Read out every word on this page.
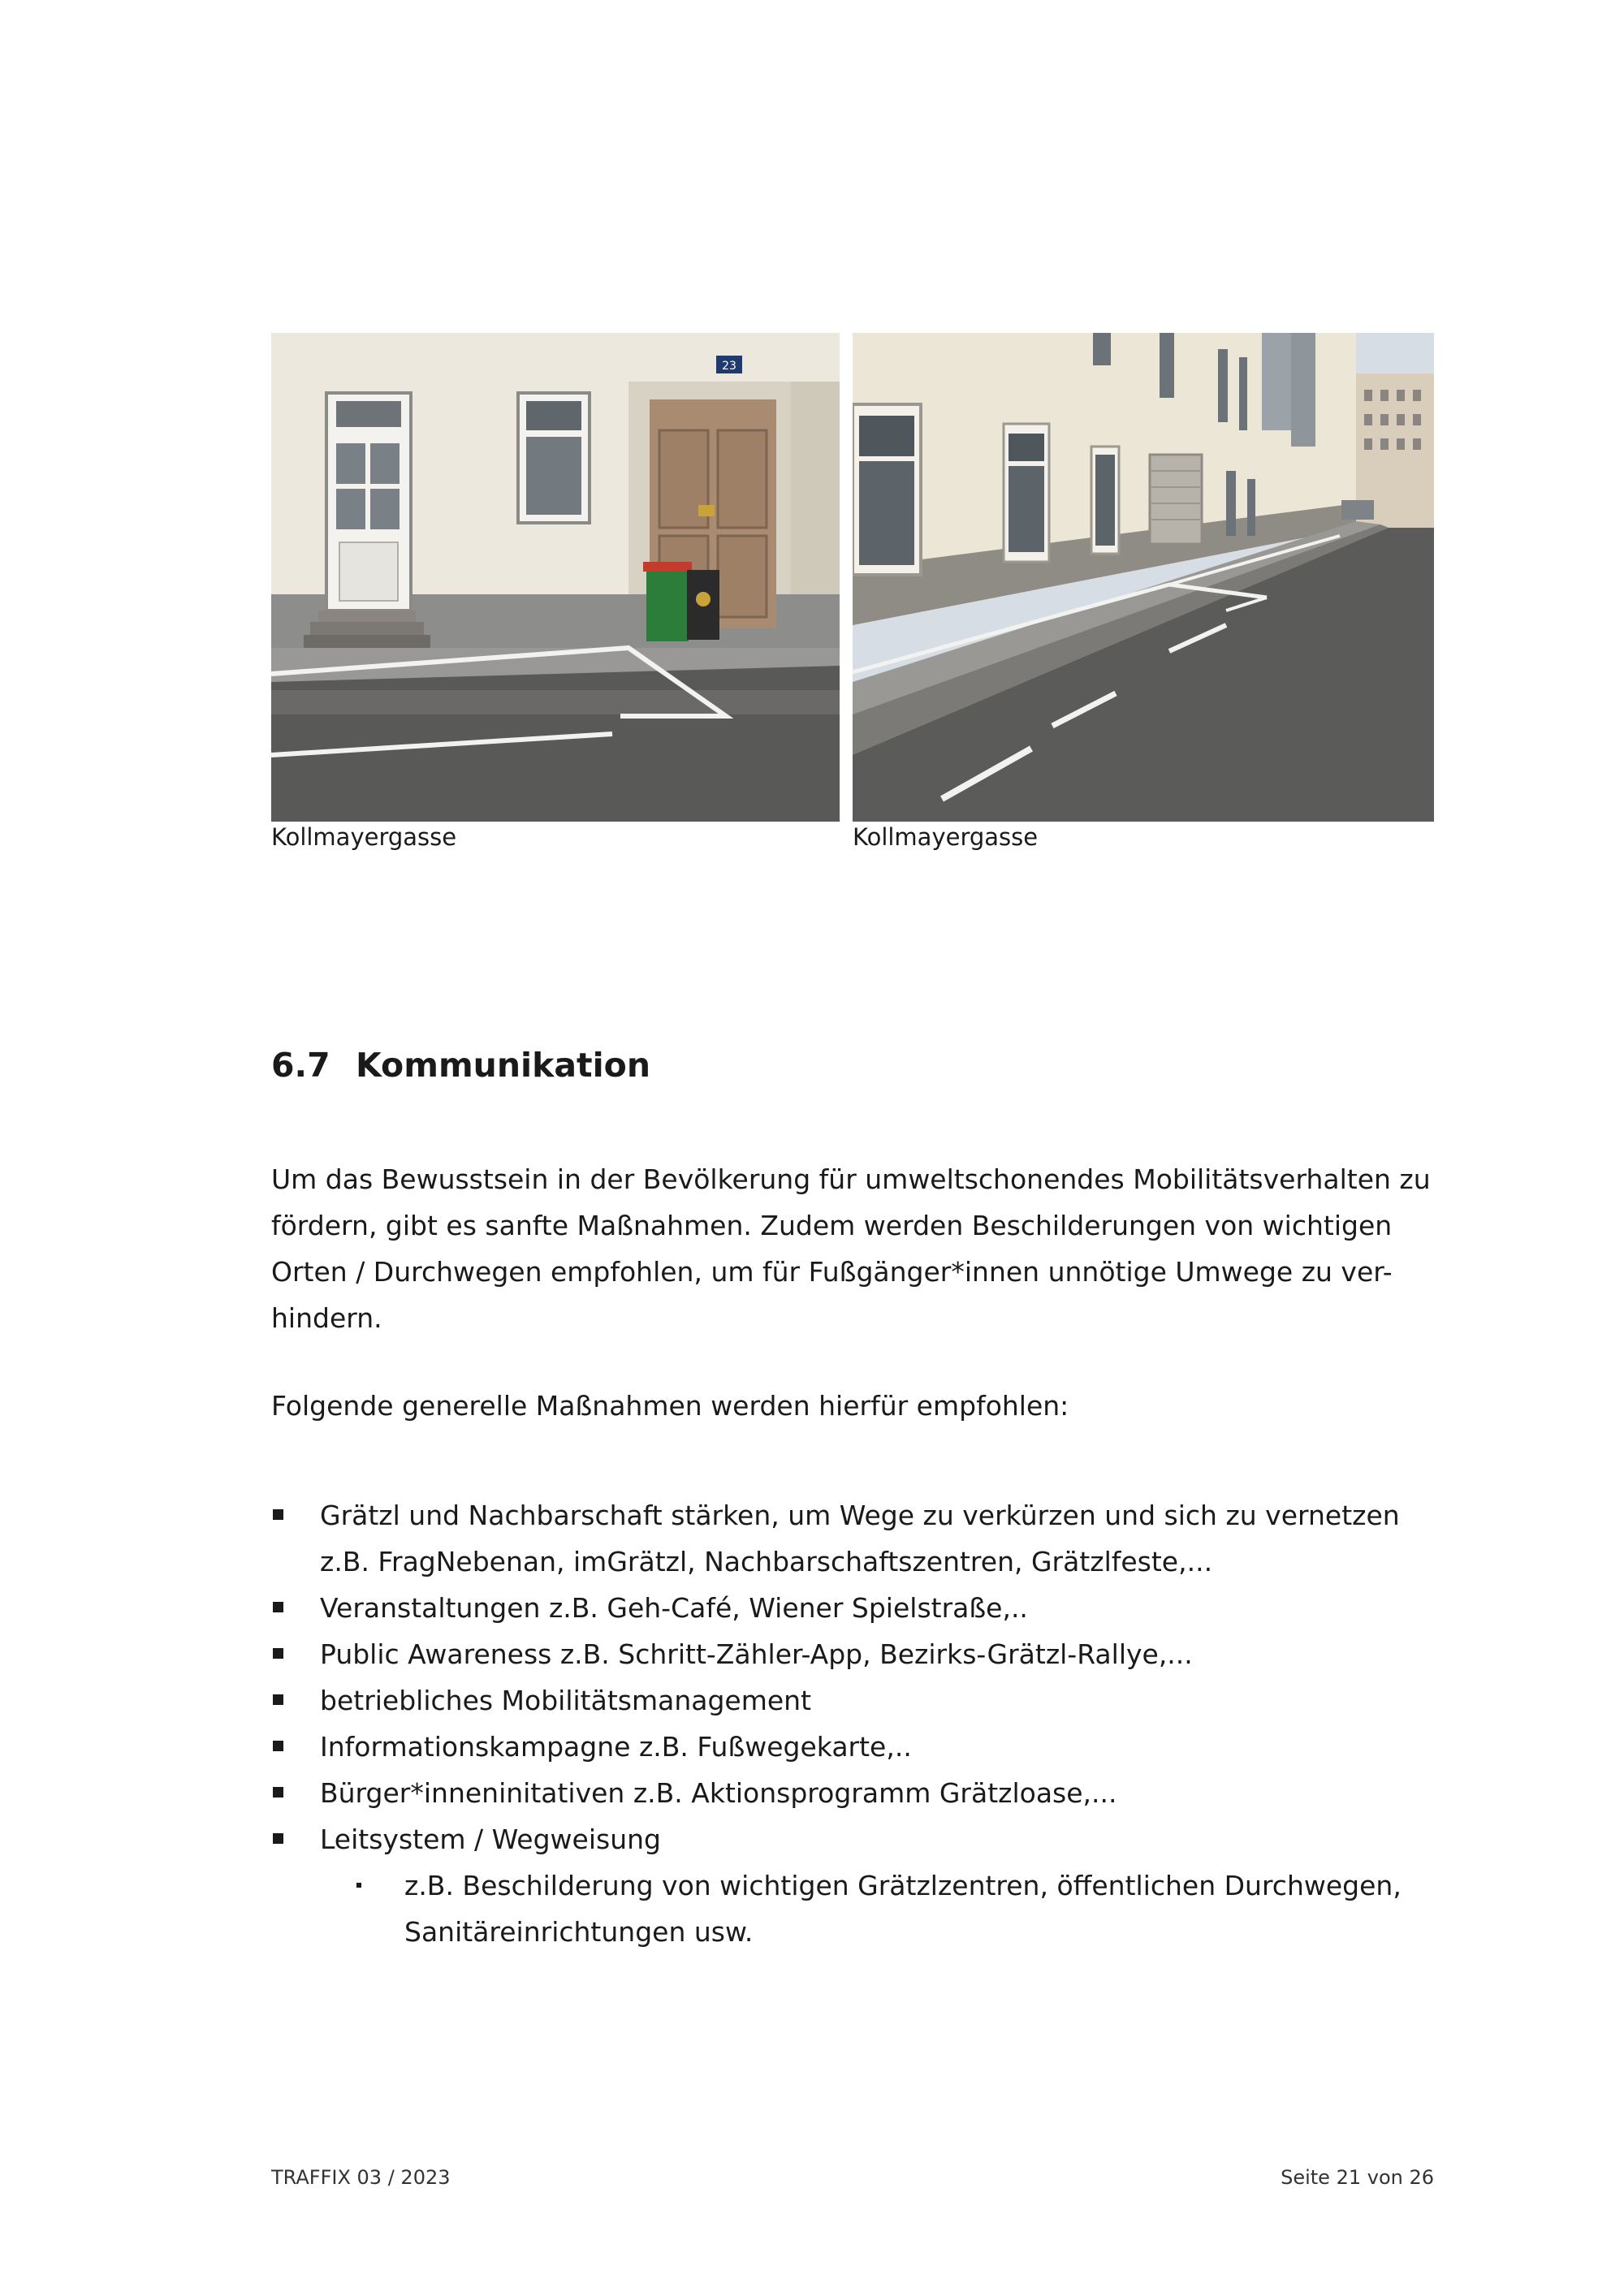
23
Kollmayergasse	Kollmayergasse
6.7 Kommunikation
Um das Bewusstsein in der Bevölkerung für umweltschonendes Mobilitätsverhalten zu
fördern, gibt es sanfte Maßnahmen. Zudem werden Beschilderungen von wichtigen
Orten / Durchwegen empfohlen, um für Fußgänger*innen unnötige Umwege zu ver-
hindern.
Folgende generelle Maßnahmen werden hierfür empfohlen:
Grätzl und Nachbarschaft stärken, um Wege zu verkürzen und sich zu vernetzen
z.B. FragNebenan, imGrätzl, Nachbarschaftszentren, Grätzlfeste,...
Veranstaltungen z.B. Geh-Café, Wiener Spielstraße,..
Public Awareness z.B. Schritt-Zähler-App, Bezirks-Grätzl-Rallye,...
betriebliches Mobilitätsmanagement
Informationskampagne z.B. Fußwegekarte,..
Bürger*inneninitativen z.B. Aktionsprogramm Grätzloase,...
Leitsystem / Wegweisung
z.B. Beschilderung von wichtigen Grätzlzentren, öffentlichen Durchwegen,
Sanitäreinrichtungen usw.
TRAFFIX 03 / 2023	Seite 21 von 26
